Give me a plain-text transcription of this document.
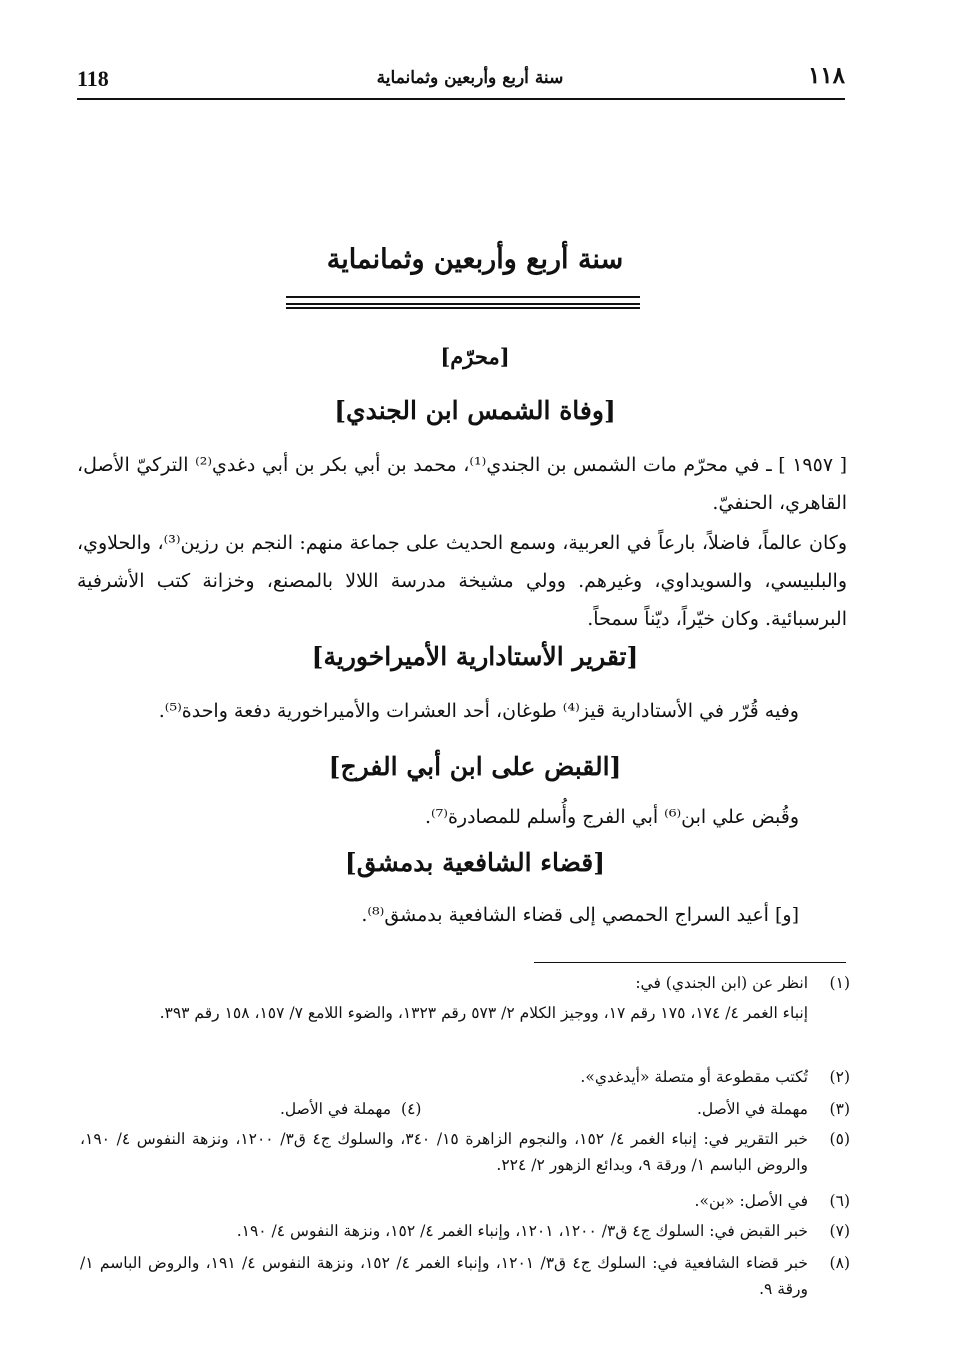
118	سنة أربع وأربعين وثمانماية	١١٨
سنة أربع وأربعين وثمانماية
[محرّم]
[وفاة الشمس ابن الجندي]
[ ١٩٥٧ ] ـ في محرّم مات الشمس بن الجندي⁽¹⁾، محمد بن أبي بكر بن أبي دغدي⁽²⁾ التركيّ الأصل، القاهري، الحنفيّ.
وكان عالماً، فاضلاً، بارعاً في العربية، وسمع الحديث على جماعة منهم: النجم بن رزين⁽³⁾، والحلاوي، والبلبيسي، والسويداوي، وغيرهم. وولي مشيخة مدرسة اللالا بالمصنع، وخزانة كتب الأشرفية البرسبائية. وكان خيّراً، ديّناً سمحاً.
[تقرير الأستادارية الأميراخورية]
وفيه قُرّر في الأستادارية قيز⁽⁴⁾ طوغان، أحد العشرات والأميراخورية دفعة واحدة⁽⁵⁾.
[القبض على ابن أبي الفرج]
وقُبض علي ابن⁽⁶⁾ أبي الفرج وأُسلم للمصادرة⁽⁷⁾.
[قضاء الشافعية بدمشق]
[و] أعيد السراج الحمصي إلى قضاء الشافعية بدمشق⁽⁸⁾.
(١)
انظر عن (ابن الجندي) في:
إنباء الغمر ٤/ ١٧٤، ١٧٥ رقم ١٧، ووجيز الكلام ٢/ ٥٧٣ رقم ١٣٢٣، والضوء اللامع ٧/ ١٥٧، ١٥٨ رقم ٣٩٣.
(٢)
تُكتب مقطوعة أو متصلة «أيدغدي».
(٣)
مهملة في الأصل.
(٤)
مهملة في الأصل.
(٥)
خبر التقرير في: إنباء الغمر ٤/ ١٥٢، والنجوم الزاهرة ١٥/ ٣٤٠، والسلوك ج٤ ق٣/ ١٢٠٠، ونزهة النفوس ٤/ ١٩٠، والروض الباسم ١/ ورقة ٩، وبدائع الزهور ٢/ ٢٢٤.
(٦)
في الأصل: «بن».
(٧)
خبر القبض في: السلوك ج٤ ق٣/ ١٢٠٠، ١٢٠١، وإنباء الغمر ٤/ ١٥٢، ونزهة النفوس ٤/ ١٩٠.
(٨)
خبر قضاء الشافعية في: السلوك ج٤ ق٣/ ١٢٠١، وإنباء الغمر ٤/ ١٥٢، ونزهة النفوس ٤/ ١٩١، والروض الباسم ١/ ورقة ٩.
